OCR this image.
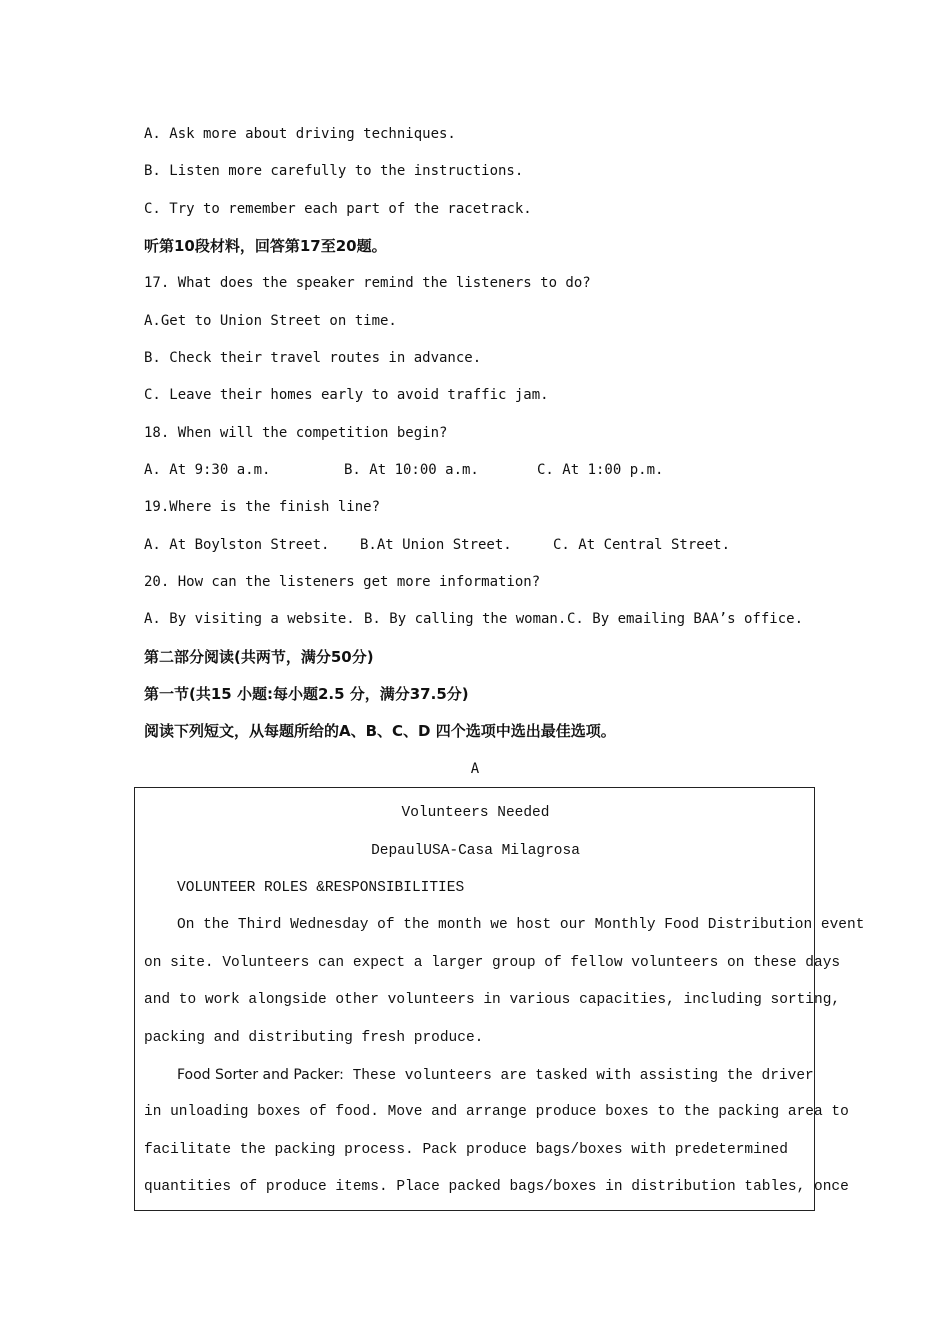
A. Ask more about driving techniques.

B. Listen more carefully to the instructions.

C. Try to remember each part of the racetrack.

听第10段材料，回答第17至20题。

17. What does the speaker remind the listeners to do?

A.Get to Union Street on time.

B. Check their travel routes in advance.

C. Leave their homes early to avoid traffic jam.

18. When will the competition begin?

A. At 9:30 a.m.	B. At 10:00 a.m.	C. At 1:00 p.m.

19.Where is the finish line?

A. At Boylston Street. B.At Union Street.	C. At Central Street.

20. How can the listeners get more information?

A. By visiting a website. B. By calling the woman.C. By emailing BAA’s office.

第二部分阅读(共两节，满分50分)

第一节(共15 小题:每小题2.5 分，满分37.5分)

阅读下列短文，从每题所给的A、B、C、D 四个选项中选出最佳选项。

A

Volunteers Needed

DepaulUSA-Casa Milagrosa

VOLUNTEER ROLES &RESPONSIBILITIES

On the Third Wednesday of the month we host our Monthly Food Distribution event

on site. Volunteers can expect a larger group of fellow volunteers on these days

and to work alongside other volunteers in various capacities, including sorting,

packing and distributing fresh produce.

Food Sorter and Packer: These volunteers are tasked with assisting the driver

in unloading boxes of food. Move and arrange produce boxes to the packing area to

facilitate the packing process. Pack produce bags/boxes with predetermined

quantities of produce items. Place packed bags/boxes in distribution tables, once
